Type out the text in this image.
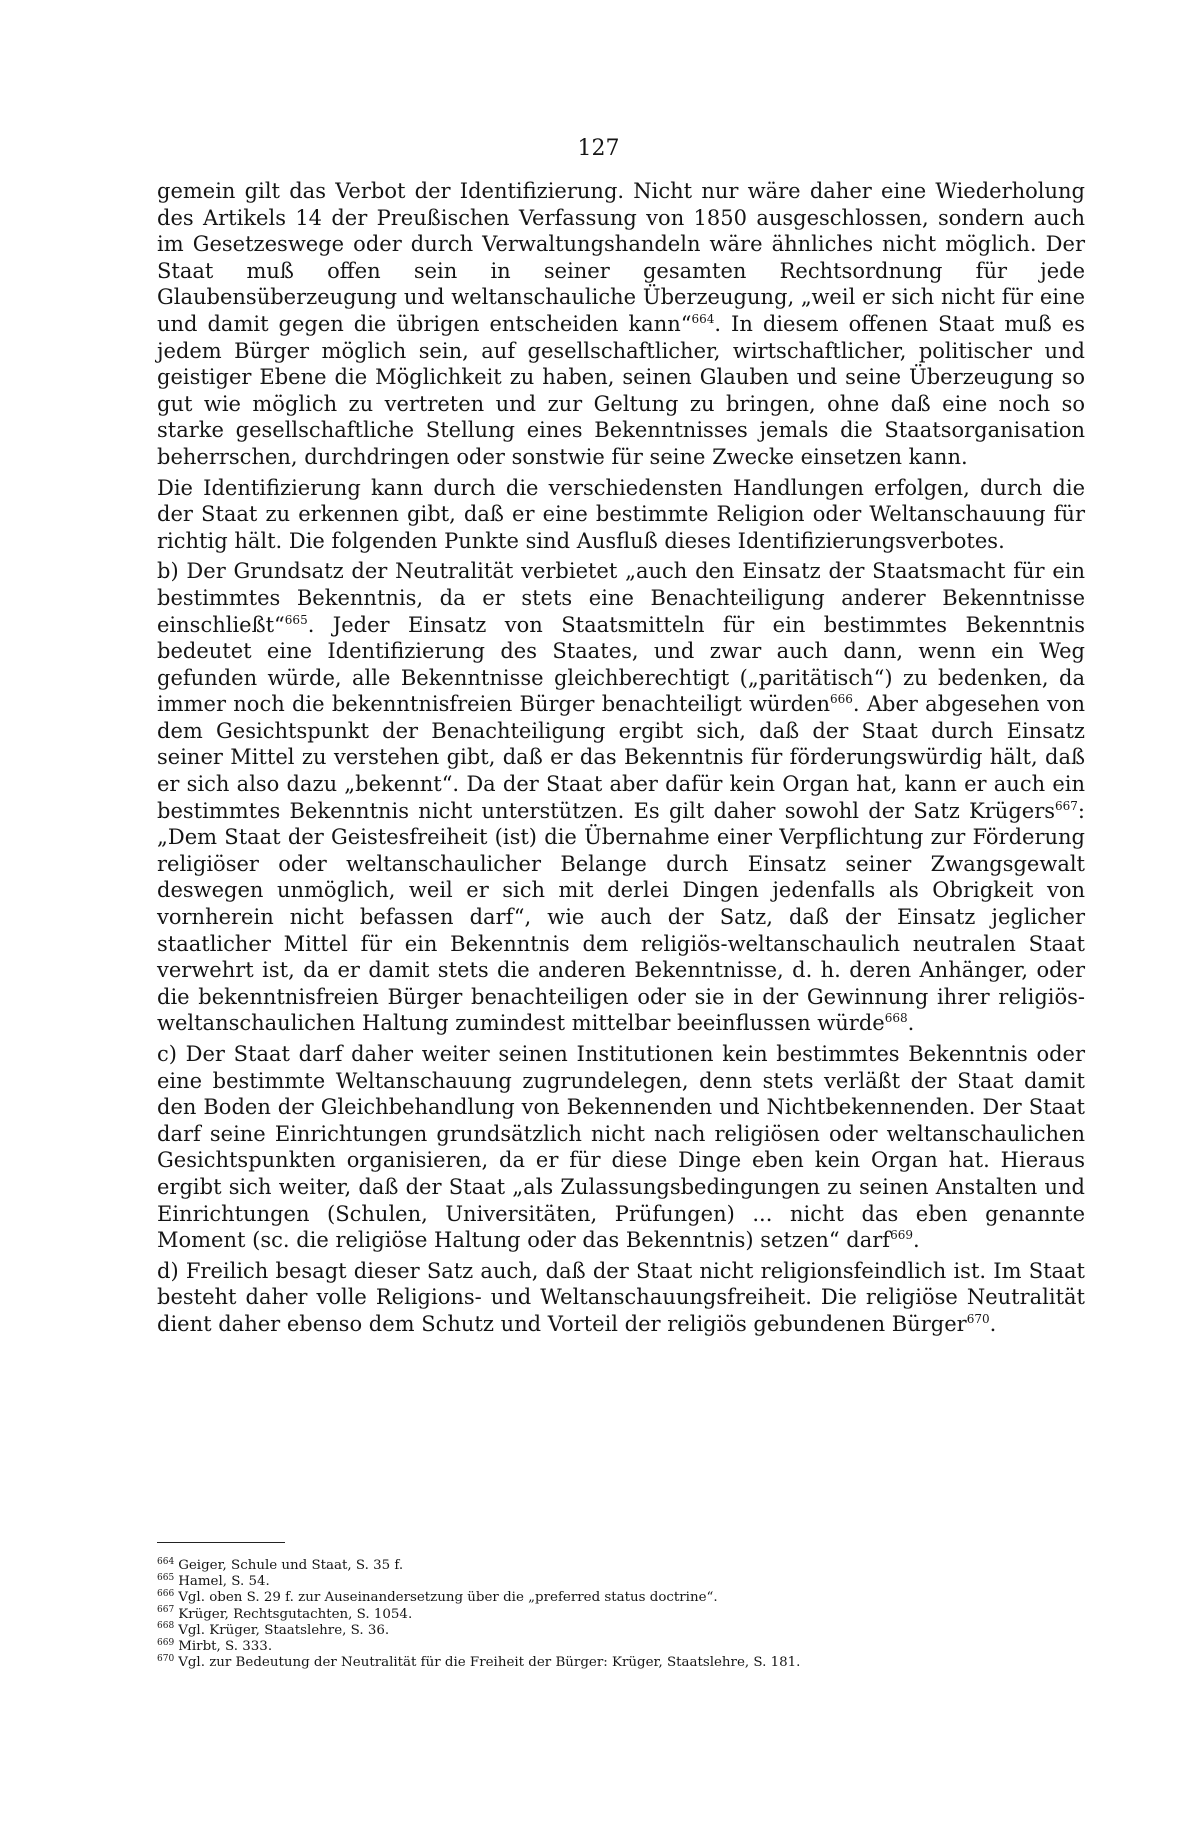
127

gemein gilt das Verbot der Identifizierung. Nicht nur wäre daher eine Wiederholung des Artikels 14 der Preußischen Verfassung von 1850 ausgeschlossen, sondern auch im Gesetzeswege oder durch Verwaltungshandeln wäre ähnliches nicht möglich. Der Staat muß offen sein in seiner gesamten Rechtsordnung für jede Glaubensüberzeugung und weltanschauliche Überzeugung, „weil er sich nicht für eine und damit gegen die übrigen entscheiden kann“$^{664}$. In diesem offenen Staat muß es jedem Bürger möglich sein, auf gesellschaftlicher, wirtschaftlicher, politischer und geistiger Ebene die Möglichkeit zu haben, seinen Glauben und seine Überzeugung so gut wie möglich zu vertreten und zur Geltung zu bringen, ohne daß eine noch so starke gesellschaftliche Stellung eines Bekenntnisses jemals die Staatsorganisation beherrschen, durchdringen oder sonstwie für seine Zwecke einsetzen kann.

Die Identifizierung kann durch die verschiedensten Handlungen erfolgen, durch die der Staat zu erkennen gibt, daß er eine bestimmte Religion oder Weltanschauung für richtig hält. Die folgenden Punkte sind Ausfluß dieses Identifizierungsverbotes.

b) Der Grundsatz der Neutralität verbietet „auch den Einsatz der Staatsmacht für ein bestimmtes Bekenntnis, da er stets eine Benachteiligung anderer Bekenntnisse einschließt“$^{665}$. Jeder Einsatz von Staatsmitteln für ein bestimmtes Bekenntnis bedeutet eine Identifizierung des Staates, und zwar auch dann, wenn ein Weg gefunden würde, alle Bekenntnisse gleichberechtigt („paritätisch“) zu bedenken, da immer noch die bekenntnisfreien Bürger benachteiligt würden$^{666}$. Aber abgesehen von dem Gesichtspunkt der Benachteiligung ergibt sich, daß der Staat durch Einsatz seiner Mittel zu verstehen gibt, daß er das Bekenntnis für förderungswürdig hält, daß er sich also dazu „bekennt“. Da der Staat aber dafür kein Organ hat, kann er auch ein bestimmtes Bekenntnis nicht unterstützen. Es gilt daher sowohl der Satz Krügers$^{667}$: „Dem Staat der Geistesfreiheit (ist) die Übernahme einer Verpflichtung zur Förderung religiöser oder weltanschaulicher Belange durch Einsatz seiner Zwangsgewalt deswegen unmöglich, weil er sich mit derlei Dingen jedenfalls als Obrigkeit von vornherein nicht befassen darf“, wie auch der Satz, daß der Einsatz jeglicher staatlicher Mittel für ein Bekenntnis dem religiös-weltanschaulich neutralen Staat verwehrt ist, da er damit stets die anderen Bekenntnisse, d. h. deren Anhänger, oder die bekenntnisfreien Bürger benachteiligen oder sie in der Gewinnung ihrer religiös-weltanschaulichen Haltung zumindest mittelbar beeinflussen würde$^{668}$.

c) Der Staat darf daher weiter seinen Institutionen kein bestimmtes Bekenntnis oder eine bestimmte Weltanschauung zugrundelegen, denn stets verläßt der Staat damit den Boden der Gleichbehandlung von Bekennenden und Nichtbekennenden. Der Staat darf seine Einrichtungen grundsätzlich nicht nach religiösen oder weltanschaulichen Gesichtspunkten organisieren, da er für diese Dinge eben kein Organ hat. Hieraus ergibt sich weiter, daß der Staat „als Zulassungsbedingungen zu seinen Anstalten und Einrichtungen (Schulen, Universitäten, Prüfungen) ... nicht das eben genannte Moment (sc. die religiöse Haltung oder das Bekenntnis) setzen“ darf$^{669}$.

d) Freilich besagt dieser Satz auch, daß der Staat nicht religionsfeindlich ist. Im Staat besteht daher volle Religions- und Weltanschauungsfreiheit. Die religiöse Neutralität dient daher ebenso dem Schutz und Vorteil der religiös gebundenen Bürger$^{670}$.

$^{664}$ Geiger, Schule und Staat, S. 35 f.
$^{665}$ Hamel, S. 54.
$^{666}$ Vgl. oben S. 29 f. zur Auseinandersetzung über die „preferred status doctrine“.
$^{667}$ Krüger, Rechtsgutachten, S. 1054.
$^{668}$ Vgl. Krüger, Staatslehre, S. 36.
$^{669}$ Mirbt, S. 333.
$^{670}$ Vgl. zur Bedeutung der Neutralität für die Freiheit der Bürger: Krüger, Staatslehre, S. 181.
